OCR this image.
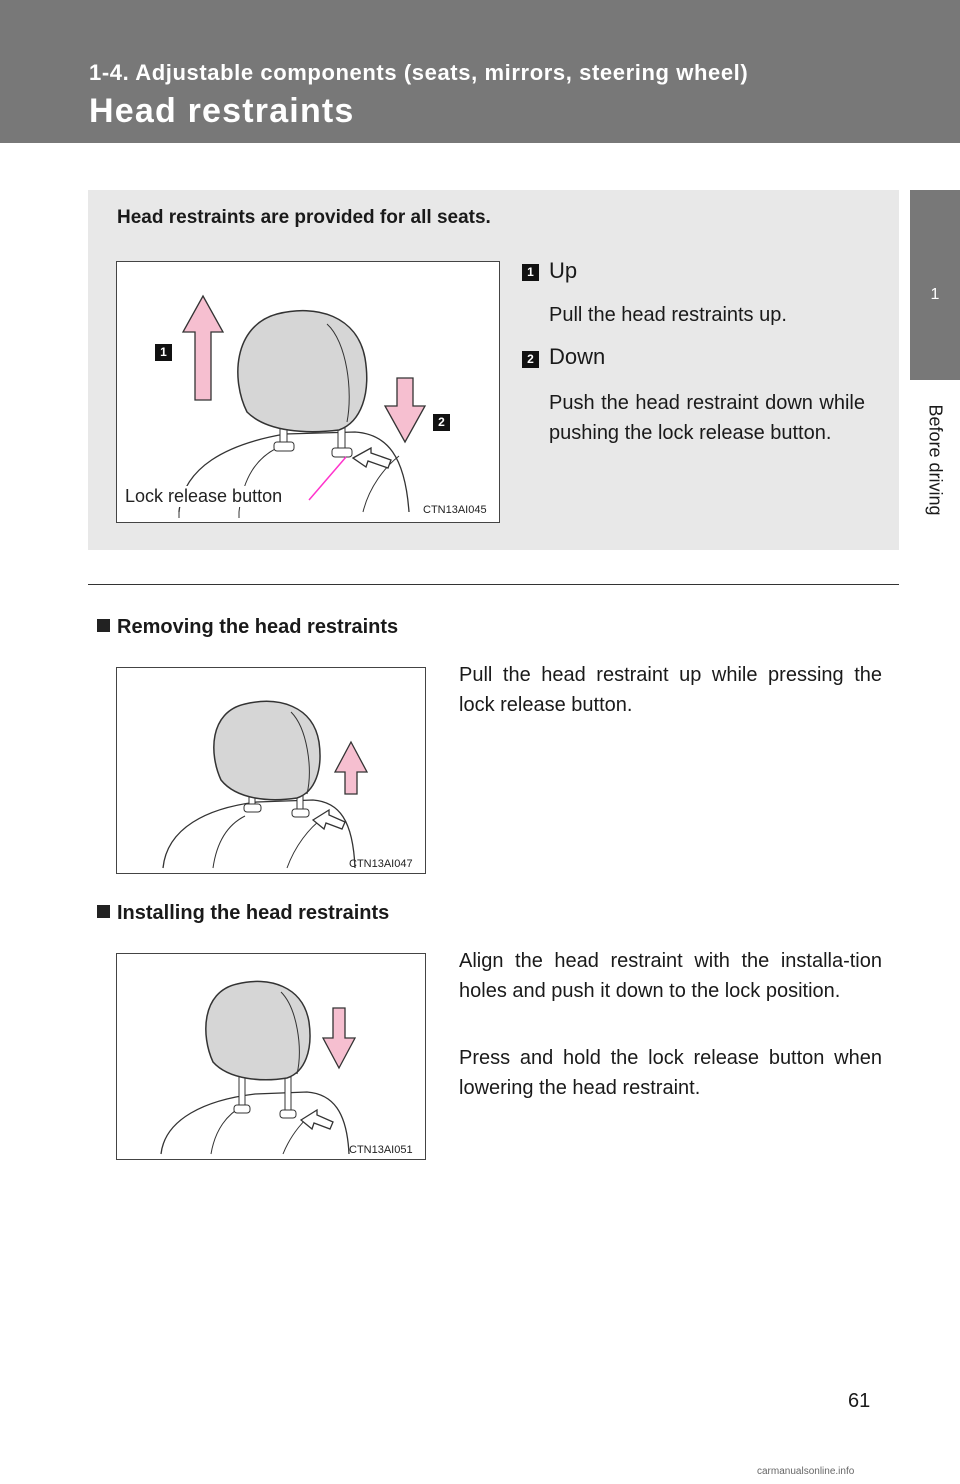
1-4. Adjustable components (seats, mirrors, steering wheel)
Head restraints
1
Before driving
Head restraints are provided for all seats.
1
2
Lock release button
CTN13AI045
1 Up
Pull the head restraints up.
2 Down
Push the head restraint down while pushing the lock release button.
Removing the head restraints
CTN13AI047
Pull the head restraint up while pressing the lock release button.
Installing the head restraints
CTN13AI051
Align the head restraint with the installa-tion holes and push it down to the lock position.
Press and hold the lock release button when lowering the head restraint.
61
carmanualsonline.info
